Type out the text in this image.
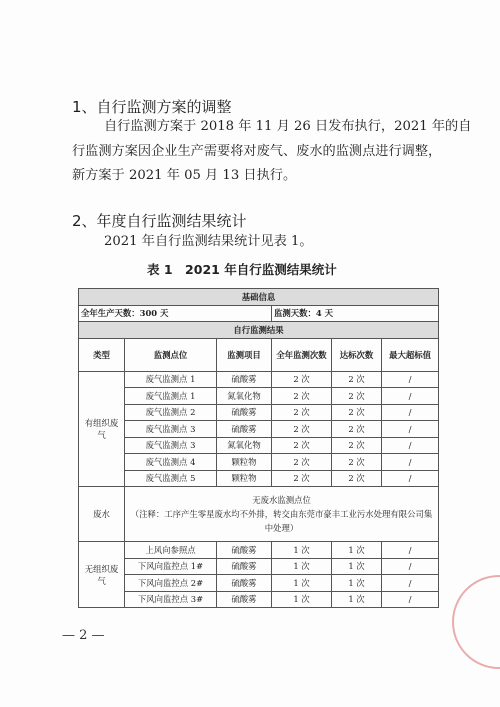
1、自行监测方案的调整
自行监测方案于 2018 年 11 月 26 日发布执行，2021 年的自
行监测方案因企业生产需要将对废气、废水的监测点进行调整，
新方案于 2021 年 05 月 13 日执行。
2、年度自行监测结果统计
2021 年自行监测结果统计见表 1。
表 1　2021 年自行监测结果统计
基础信息					
全年生产天数：300 天			监测天数：4 天		
自行监测结果					
类型	监测点位	监测项目	全年监测次数	达标次数	最大超标值
有组织废气	废气监测点 1	硫酸雾	2 次	2 次	/
	废气监测点 1	氮氧化物	2 次	2 次	/
	废气监测点 2	硫酸雾	2 次	2 次	/
	废气监测点 3	硫酸雾	2 次	2 次	/
	废气监测点 3	氮氧化物	2 次	2 次	/
	废气监测点 4	颗粒物	2 次	2 次	/
	废气监测点 5	颗粒物	2 次	2 次	/
废水	无废水监测点位
（注释：工序产生零星废水均不外排，转交由东莞市豪丰工业污水处理有限公司集
中处理）				

无组织废气	上风向参照点	硫酸雾	1 次	1 次	/
	下风向监控点 1#	硫酸雾	1 次	1 次	/
	下风向监控点 2#	硫酸雾	1 次	1 次	/
	下风向监控点 3#	硫酸雾	1 次	1 次	/
— 2 —
